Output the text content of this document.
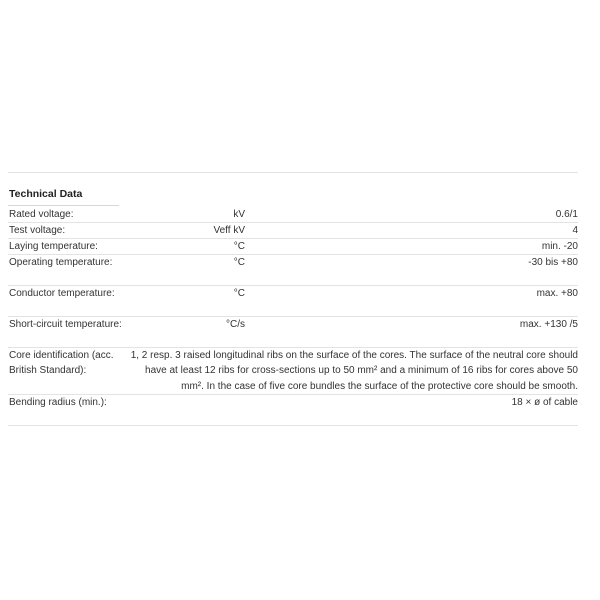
Technical Data
Rated voltage:	kV	0.6/1
Test voltage:	Veff kV	4
Laying temperature:	°C	min. -20
Operating temperature:	°C	-30 bis +80
Conductor temperature:	°C	max. +80
Short-circuit temperature:	°C/s	max. +130 /5
Core identification (acc. British Standard):
1, 2 resp. 3 raised longitudinal ribs on the surface of the cores. The surface of the neutral core should have at least 12 ribs for cross-sections up to 50 mm² and a minimum of 16 ribs for cores above 50 mm². In the case of five core bundles the surface of the protective core should be smooth.
Bending radius (min.):	18 × ø of cable
